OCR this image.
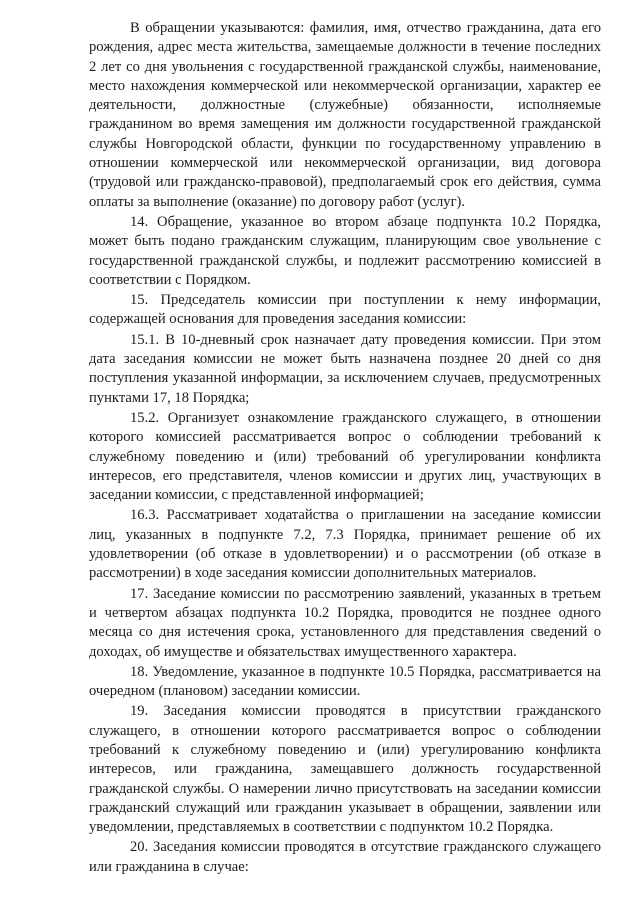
В обращении указываются: фамилия, имя, отчество гражданина, дата его рождения, адрес места жительства, замещаемые должности в течение последних 2 лет со дня увольнения с государственной гражданской службы, наименование, место нахождения коммерческой или некоммерческой организации, характер ее деятельности, должностные (служебные) обязанности, исполняемые гражданином во время замещения им должности государственной гражданской службы Новгородской области, функции по государственному управлению в отношении коммерческой или некоммерческой организации, вид договора (трудовой или гражданско-правовой), предполагаемый срок его действия, сумма оплаты за выполнение (оказание) по договору работ (услуг).

14. Обращение, указанное во втором абзаце подпункта 10.2 Порядка, может быть подано гражданским служащим, планирующим свое увольнение с государственной гражданской службы, и подлежит рассмотрению комиссией в соответствии с Порядком.

15. Председатель комиссии при поступлении к нему информации, содержащей основания для проведения заседания комиссии:

15.1. В 10-дневный срок назначает дату проведения комиссии. При этом дата заседания комиссии не может быть назначена позднее 20 дней со дня поступления указанной информации, за исключением случаев, предусмотренных пунктами 17, 18 Порядка;

15.2. Организует ознакомление гражданского служащего, в отношении которого комиссией рассматривается вопрос о соблюдении требований к служебному поведению и (или) требований об урегулировании конфликта интересов, его представителя, членов комиссии и других лиц, участвующих в заседании комиссии, с представленной информацией;

16.3. Рассматривает ходатайства о приглашении на заседание комиссии лиц, указанных в подпункте 7.2, 7.3 Порядка, принимает решение об их удовлетворении (об отказе в удовлетворении) и о рассмотрении (об отказе в рассмотрении) в ходе заседания комиссии дополнительных материалов.

17. Заседание комиссии по рассмотрению заявлений, указанных в третьем и четвертом абзацах подпункта 10.2 Порядка, проводится не позднее одного месяца со дня истечения срока, установленного для представления сведений о доходах, об имуществе и обязательствах имущественного характера.

18. Уведомление, указанное в подпункте 10.5 Порядка, рассматривается на очередном (плановом) заседании комиссии.

19. Заседания комиссии проводятся в присутствии гражданского служащего, в отношении которого рассматривается вопрос о соблюдении требований к служебному поведению и (или) урегулированию конфликта интересов, или гражданина, замещавшего должность государственной гражданской службы. О намерении лично присутствовать на заседании комиссии гражданский служащий или гражданин указывает в обращении, заявлении или уведомлении, представляемых в соответствии с подпунктом 10.2 Порядка.

20. Заседания комиссии проводятся в отсутствие гражданского служащего или гражданина в случае:
